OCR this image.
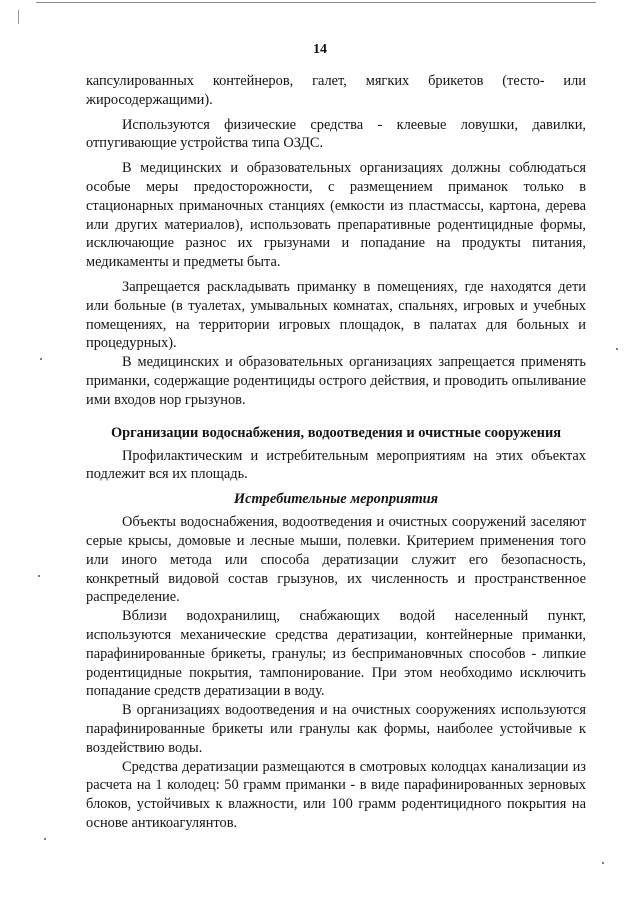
14

капсулированных контейнеров, галет, мягких брикетов (тесто- или жиросодержащими).

Используются физические средства - клеевые ловушки, давилки, отпугивающие устройства типа ОЗДС.

В медицинских и образовательных организациях должны соблюдаться особые меры предосторожности, с размещением приманок только в стационарных приманочных станциях (емкости из пластмассы, картона, дерева или других материалов), использовать препаративные родентицидные формы, исключающие разнос их грызунами и попадание на продукты питания, медикаменты и предметы быта.

Запрещается раскладывать приманку в помещениях, где находятся дети или больные (в туалетах, умывальных комнатах, спальнях, игровых и учебных помещениях, на территории игровых площадок, в палатах для больных и процедурных).

В медицинских и образовательных организациях запрещается применять приманки, содержащие родентициды острого действия, и проводить опыливание ими входов нор грызунов.

Организации водоснабжения, водоотведения и очистные сооружения

Профилактическим и истребительным мероприятиям на этих объектах подлежит вся их площадь.

Истребительные мероприятия

Объекты водоснабжения, водоотведения и очистных сооружений заселяют серые крысы, домовые и лесные мыши, полевки. Критерием применения того или иного метода или способа дератизации служит его безопасность, конкретный видовой состав грызунов, их численность и пространственное распределение.

Вблизи водохранилищ, снабжающих водой населенный пункт, используются механические средства дератизации, контейнерные приманки, парафинированные брикеты, гранулы; из беспримановчных способов - липкие родентицидные покрытия, тампонирование. При этом необходимо исключить попадание средств дератизации в воду.

В организациях водоотведения и на очистных сооружениях используются парафинированные брикеты или гранулы как формы, наиболее устойчивые к воздействию воды.

Средства дератизации размещаются в смотровых колодцах канализации из расчета на 1 колодец: 50 грамм приманки - в виде парафинированных зерновых блоков, устойчивых к влажности, или 100 грамм родентицидного покрытия на основе антикоагулянтов.
